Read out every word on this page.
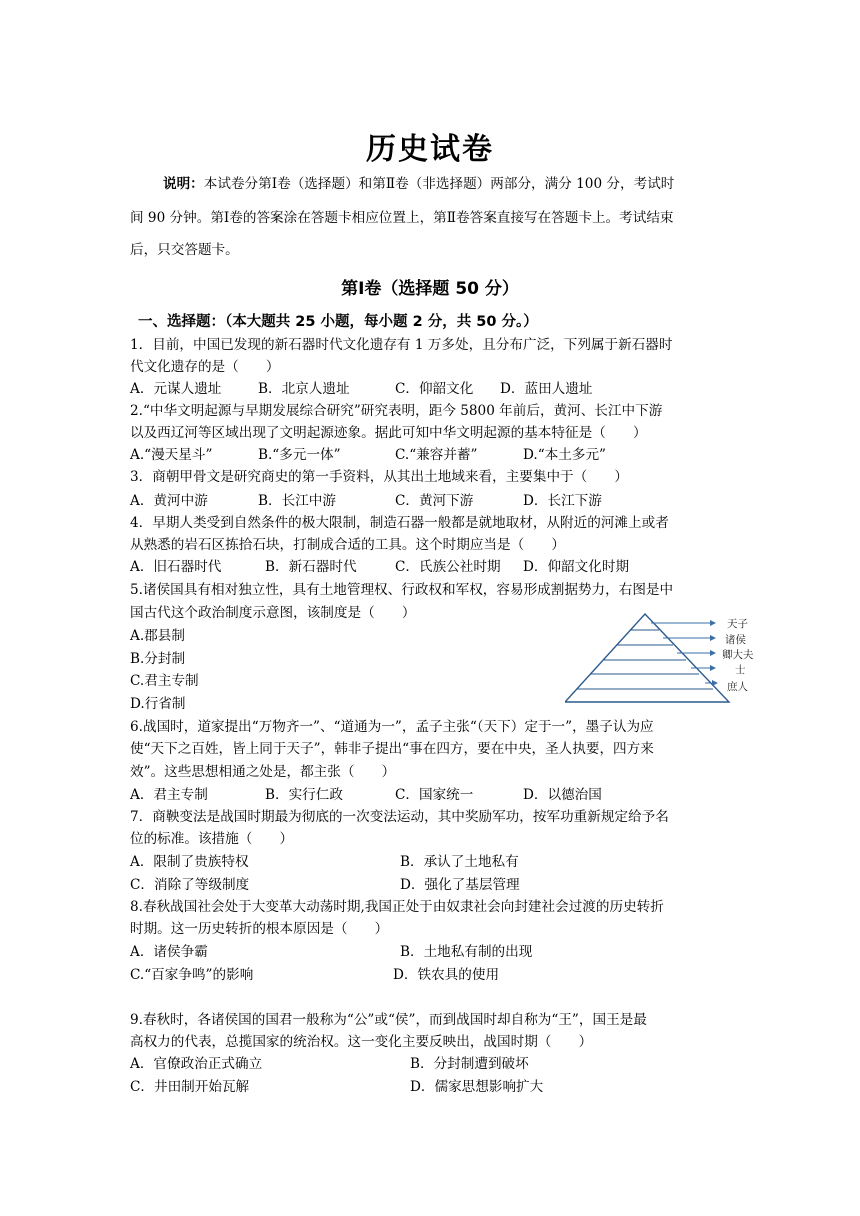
历史试卷
说明：本试卷分第Ⅰ卷（选择题）和第Ⅱ卷（非选择题）两部分，满分 100 分，考试时
间 90 分钟。第Ⅰ卷的答案涂在答题卡相应位置上，第Ⅱ卷答案直接写在答题卡上。考试结束
后，只交答题卡。
第Ⅰ卷（选择题 50 分）
一、选择题：（本大题共 25 小题，每小题 2 分，共 50 分。）
1．目前，中国已发现的新石器时代文化遗存有 1 万多处，且分布广泛，下列属于新石器时
代文化遗存的是（　　）
A．元谋人遗址	B．北京人遗址	C．仰韶文化 D．蓝田人遗址
2.“中华文明起源与早期发展综合研究”研究表明，距今 5800 年前后，黄河、长江中下游
以及西辽河等区域出现了文明起源迹象。据此可知中华文明起源的基本特征是（　　）
A.“漫天星斗”	B.“多元一体”	C.“兼容并蓄”	D.“本土多元”
3．商朝甲骨文是研究商史的第一手资料，从其出土地域来看，主要集中于（　　）
A．黄河中游	B．长江中游	C．黄河下游	D．长江下游
4．早期人类受到自然条件的极大限制，制造石器一般都是就地取材，从附近的河滩上或者
从熟悉的岩石区拣拾石块，打制成合适的工具。这个时期应当是（　　）
A．旧石器时代	B．新石器时代	C．氏族公社时期 D．仰韶文化时期
5.诸侯国具有相对独立性，具有土地管理权、行政权和军权，容易形成割据势力，右图是中
国古代这个政治制度示意图，该制度是（　　）
A.郡县制
B.分封制
C.君主专制
D.行省制
天子
诸侯
卿大夫
士
庶人
6.战国时，道家提出“万物齐一”、“道通为一”，孟子主张“（天下）定于一”，墨子认为应
使“天下之百姓，皆上同于天子”，韩非子提出“事在四方，要在中央，圣人执要，四方来
效”。这些思想相通之处是，都主张（　　）
A．君主专制	B．实行仁政	C．国家统一	D．以德治国
7．商鞅变法是战国时期最为彻底的一次变法运动，其中奖励军功，按军功重新规定给予名
位的标准。该措施（　　）
A．限制了贵族特权	B．承认了土地私有
C．消除了等级制度	D．强化了基层管理
8.春秋战国社会处于大变革大动荡时期,我国正处于由奴隶社会向封建社会过渡的历史转折
时期。这一历史转折的根本原因是（　　）
A．诸侯争霸	B．土地私有制的出现
C.“百家争鸣”的影响	D．铁农具的使用
9.春秋时，各诸侯国的国君一般称为“公”或“侯”，而到战国时却自称为“王”，国王是最
高权力的代表，总揽国家的统治权。这一变化主要反映出，战国时期（　　）
A．官僚政治正式确立	B．分封制遭到破坏
C．井田制开始瓦解	D．儒家思想影响扩大
